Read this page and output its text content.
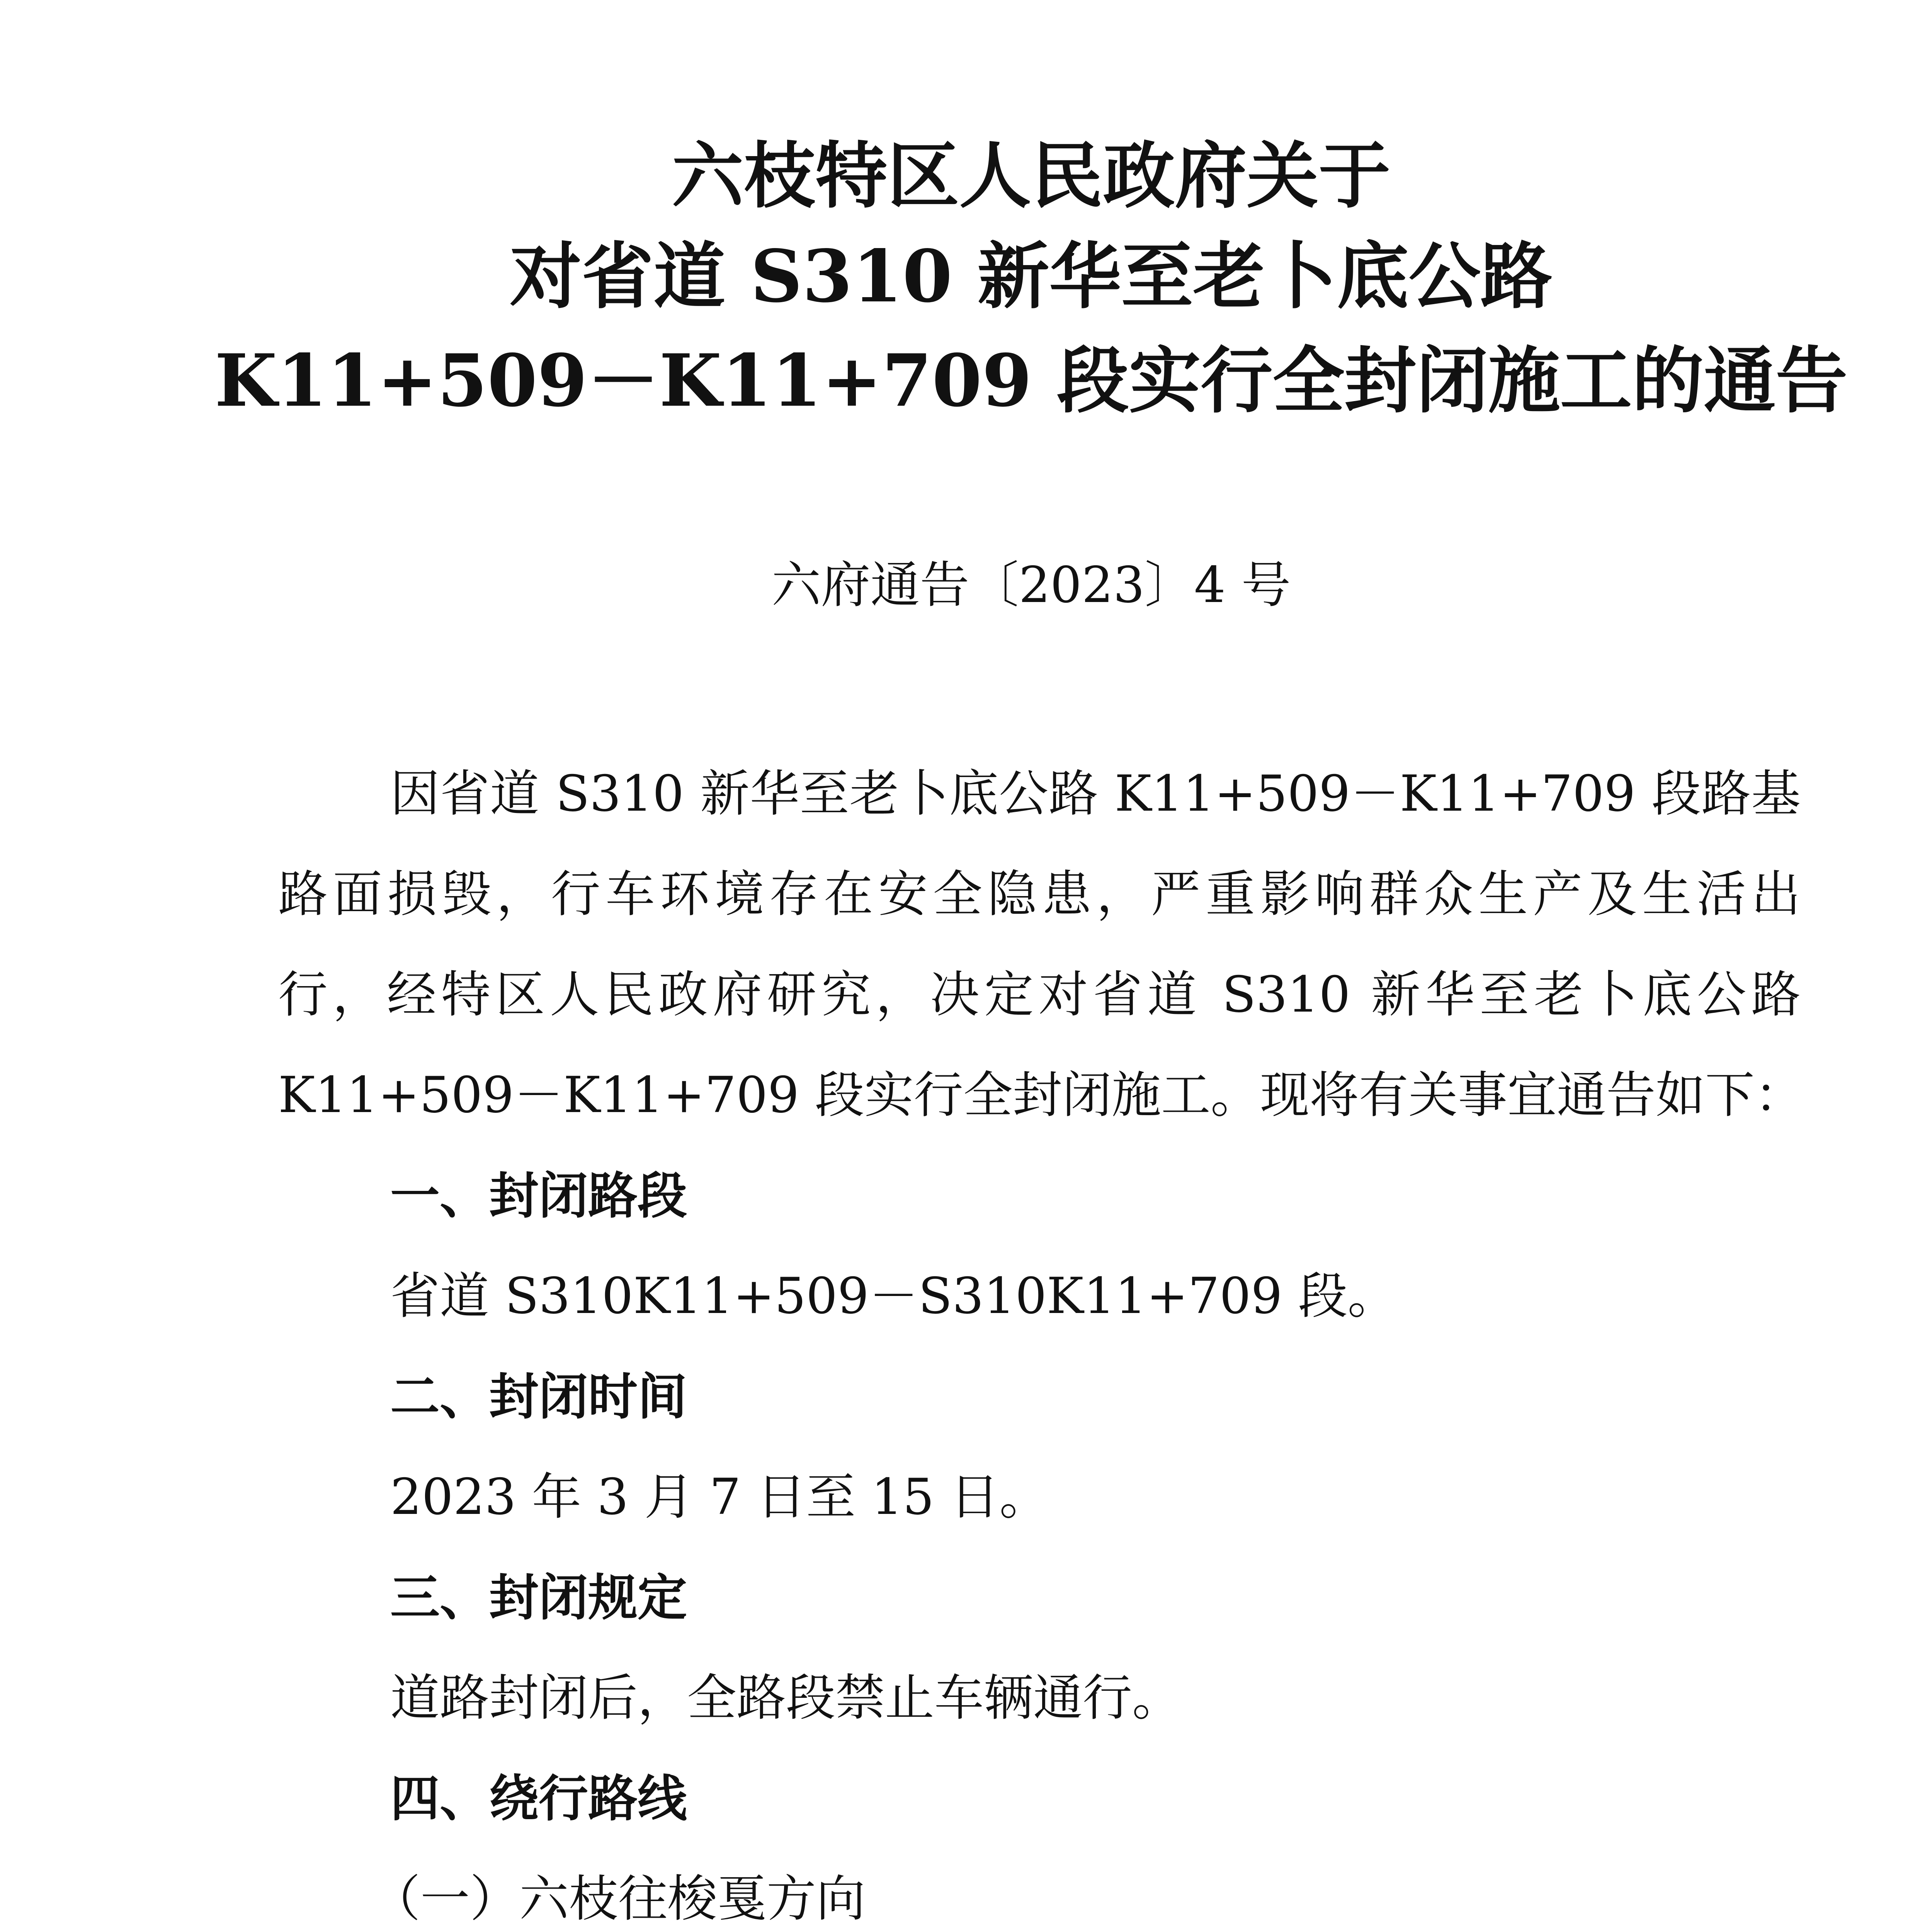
六枝特区人民政府关于
对省道 S310 新华至老卜底公路
K11+509－K11+709 段实行全封闭施工的通告
六府通告〔2023〕4 号
因省道 S310 新华至老卜底公路 K11+509－K11+709 段路基
路面损毁，行车环境存在安全隐患，严重影响群众生产及生活出
行，经特区人民政府研究，决定对省道 S310 新华至老卜底公路
K11+509－K11+709 段实行全封闭施工。现将有关事宜通告如下：
一、封闭路段
省道 S310K11+509－S310K11+709 段。
二、封闭时间
2023 年 3 月 7 日至 15 日。
三、封闭规定
道路封闭后，全路段禁止车辆通行。
四、绕行路线
（一）六枝往梭戛方向
